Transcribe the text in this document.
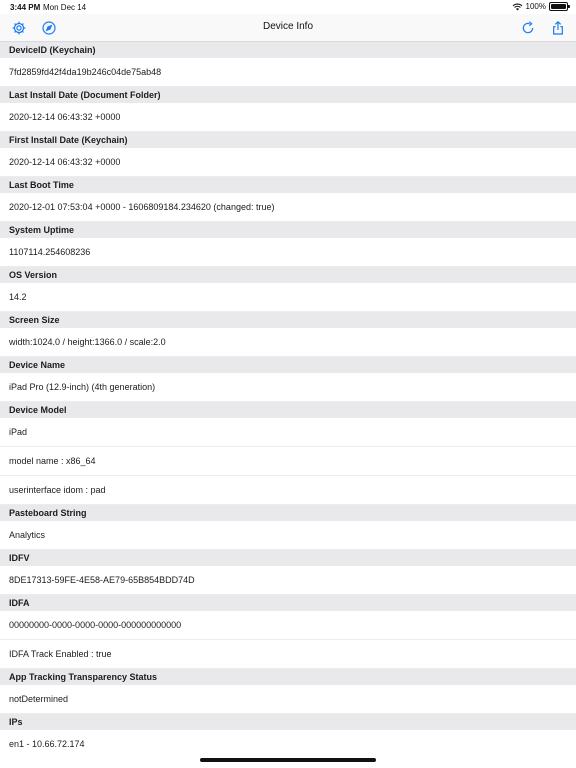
3:44 PM Mon Dec 14	100%
Device Info
DeviceID (Keychain)
7fd2859fd42f4da19b246c04de75ab48
Last Install Date (Document Folder)
2020-12-14 06:43:32 +0000
First Install Date (Keychain)
2020-12-14 06:43:32 +0000
Last Boot Time
2020-12-01 07:53:04 +0000 - 1606809184.234620 (changed: true)
System Uptime
1107114.254608236
OS Version
14.2
Screen Size
width:1024.0 / height:1366.0 / scale:2.0
Device Name
iPad Pro (12.9-inch) (4th generation)
Device Model
iPad
model name : x86_64
userinterface idom : pad
Pasteboard String
Analytics
IDFV
8DE17313-59FE-4E58-AE79-65B854BDD74D
IDFA
00000000-0000-0000-0000-000000000000
IDFA Track Enabled : true
App Tracking Transparency Status
notDetermined
IPs
en1 - 10.66.72.174
